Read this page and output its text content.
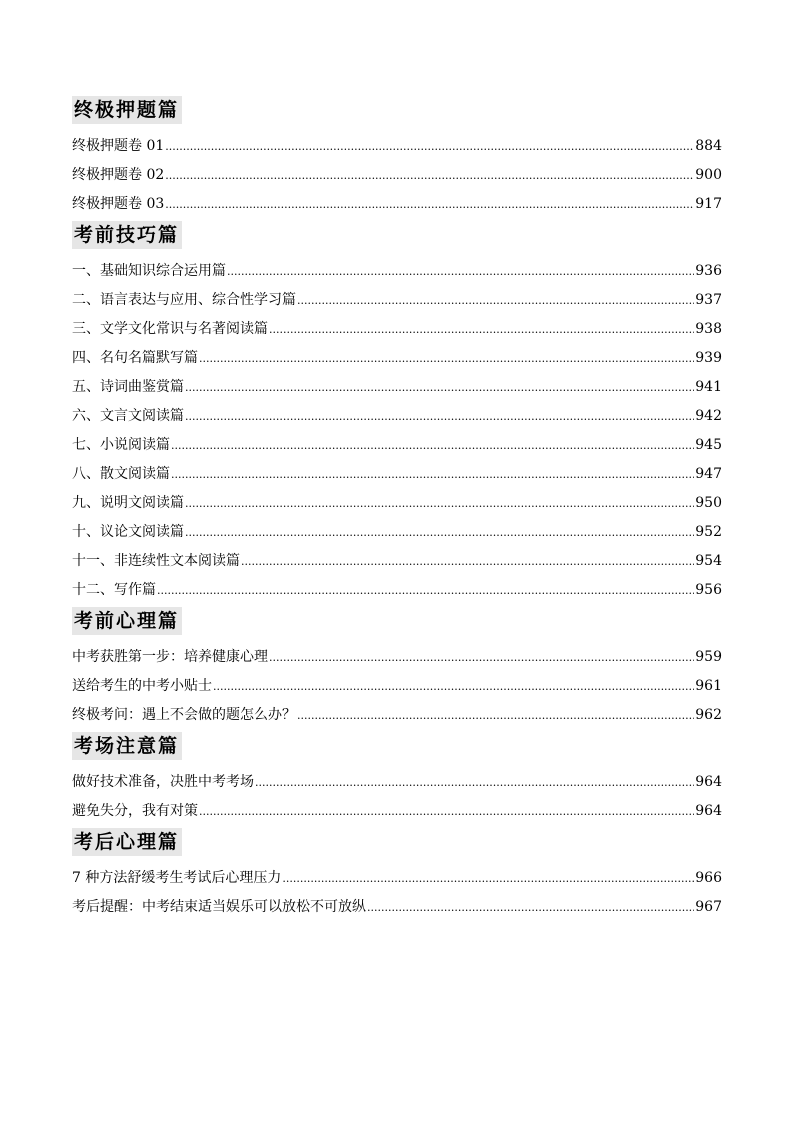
终极押题篇
终极押题卷 01 .....	884
终极押题卷 02 .....	900
终极押题卷 03 .....	917
考前技巧篇
一、基础知识综合运用篇 .....	936
二、语言表达与应用、综合性学习篇 .....	937
三、文学文化常识与名著阅读篇 .....	938
四、名句名篇默写篇 .....	939
五、诗词曲鉴赏篇 .....	941
六、文言文阅读篇 .....	942
七、小说阅读篇 .....	945
八、散文阅读篇 .....	947
九、说明文阅读篇 .....	950
十、议论文阅读篇 .....	952
十一、非连续性文本阅读篇 .....	954
十二、写作篇 .....	956
考前心理篇
中考获胜第一步：培养健康心理 .....	959
送给考生的中考小贴士 .....	961
终极考问：遇上不会做的题怎么办？ .....	962
考场注意篇
做好技术准备，决胜中考考场 .....	964
避免失分，我有对策 .....	964
考后心理篇
7 种方法舒缓考生考试后心理压力 .....	966
考后提醒：中考结束适当娱乐可以放松不可放纵 .....	967
